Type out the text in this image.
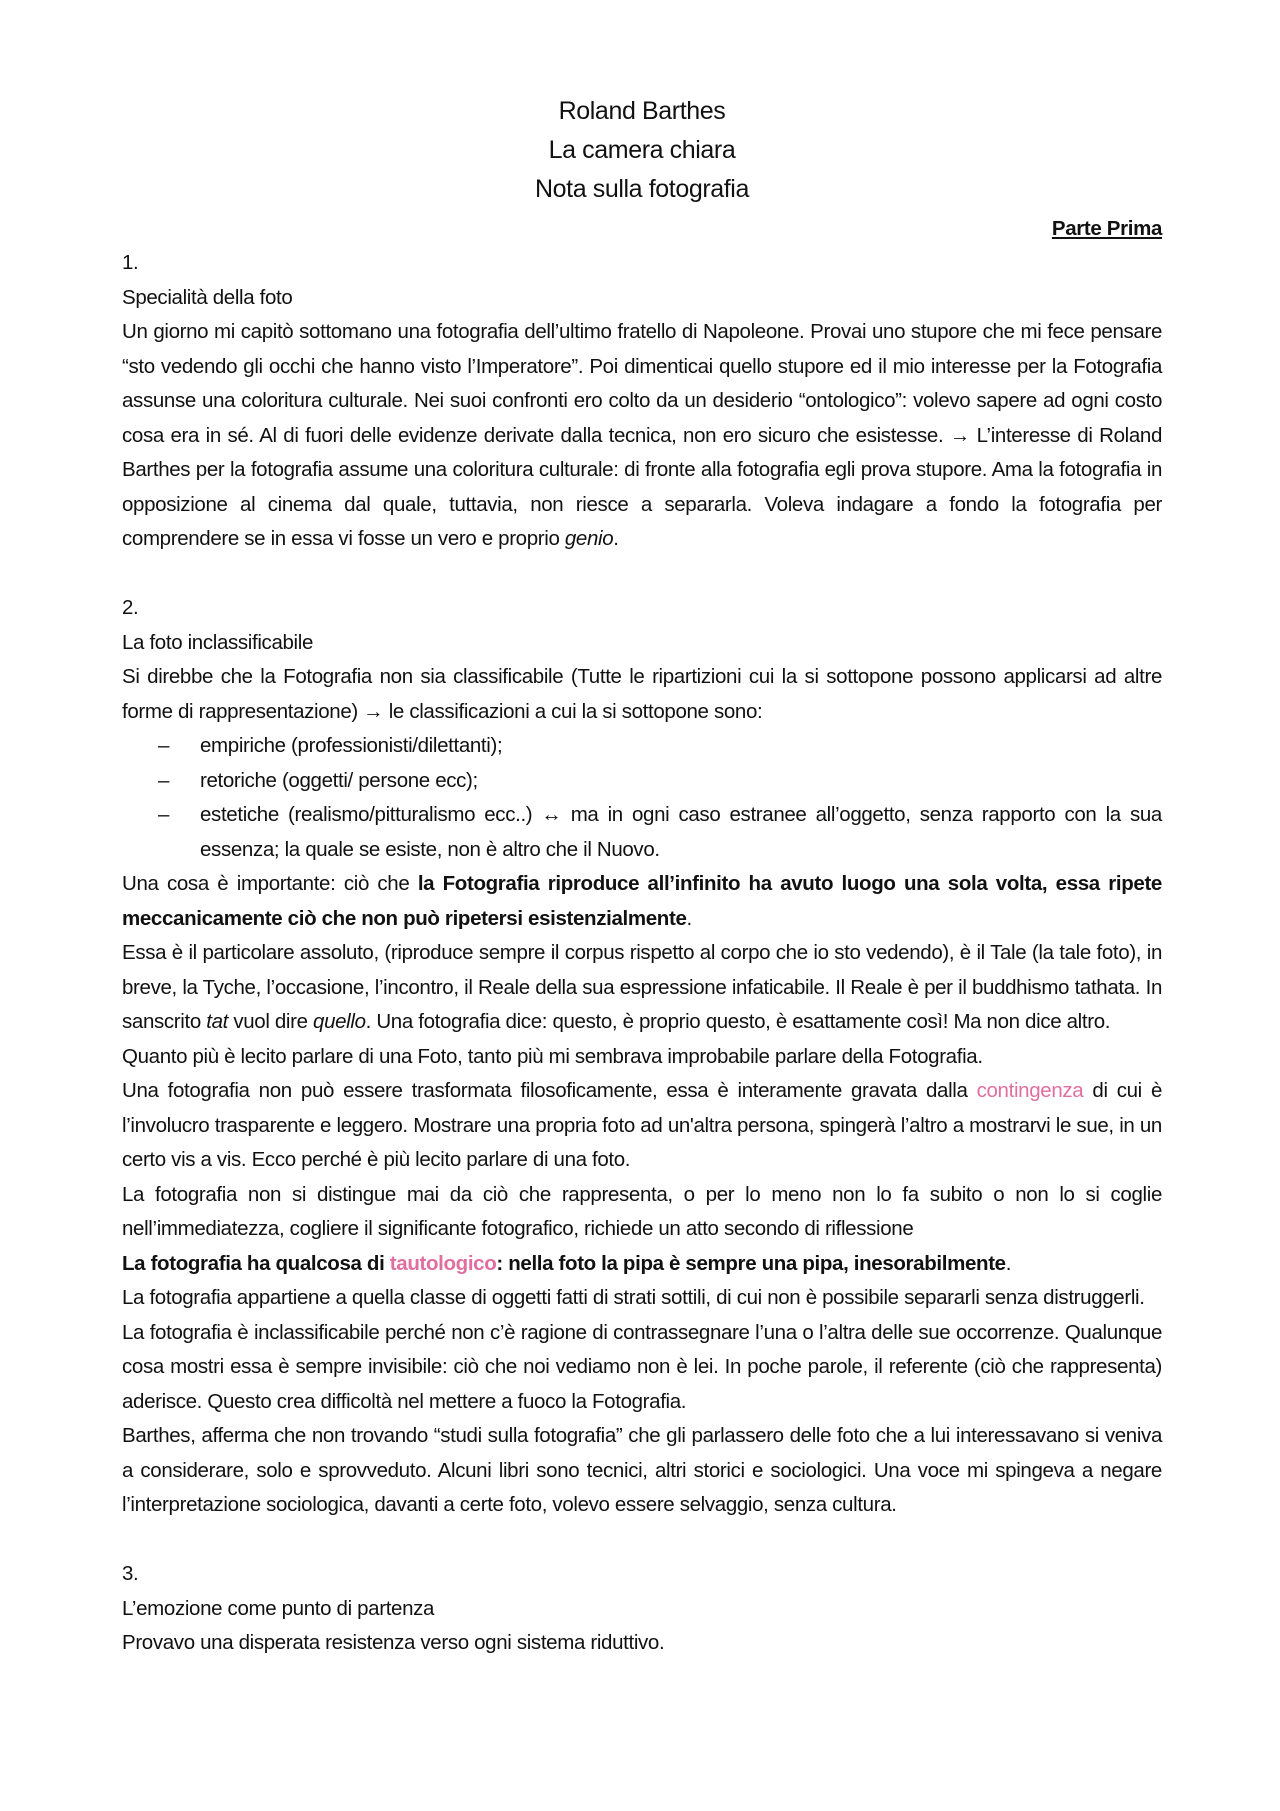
Roland Barthes
La camera chiara
Nota sulla fotografia
Parte Prima

1.

Specialità della foto

Un giorno mi capitò sottomano una fotografia dell’ultimo fratello di Napoleone. Provai uno stupore che mi fece pensare “sto vedendo gli occhi che hanno visto l’Imperatore”. Poi dimenticai quello stupore ed il mio interesse per la Fotografia assunse una coloritura culturale. Nei suoi confronti ero colto da un desiderio “ontologico”: volevo sapere ad ogni costo cosa era in sé. Al di fuori delle evidenze derivate dalla tecnica, non ero sicuro che esistesse. → L’interesse di Roland Barthes per la fotografia assume una coloritura culturale: di fronte alla fotografia egli prova stupore. Ama la fotografia in opposizione al cinema dal quale, tuttavia, non riesce a separarla. Voleva indagare a fondo la fotografia per comprendere se in essa vi fosse un vero e proprio genio.

2.

La foto inclassificabile

Si direbbe che la Fotografia non sia classificabile (Tutte le ripartizioni cui la si sottopone possono applicarsi ad altre forme di rappresentazione) → le classificazioni a cui la si sottopone sono:

– empiriche (professionisti/dilettanti);
– retoriche (oggetti/ persone ecc);
– estetiche (realismo/pitturalismo ecc..) ↔ ma in ogni caso estranee all’oggetto, senza rapporto con la sua essenza; la quale se esiste, non è altro che il Nuovo.

Una cosa è importante: ciò che la Fotografia riproduce all’infinito ha avuto luogo una sola volta, essa ripete meccanicamente ciò che non può ripetersi esistenzialmente.

Essa è il particolare assoluto, (riproduce sempre il corpus rispetto al corpo che io sto vedendo), è il Tale (la tale foto), in breve, la Tyche, l’occasione, l’incontro, il Reale della sua espressione infaticabile. Il Reale è per il buddhismo tathata. In sanscrito tat vuol dire quello. Una fotografia dice: questo, è proprio questo, è esattamente così! Ma non dice altro.

Quanto più è lecito parlare di una Foto, tanto più mi sembrava improbabile parlare della Fotografia.

Una fotografia non può essere trasformata filosoficamente, essa è interamente gravata dalla contingenza di cui è l’involucro trasparente e leggero. Mostrare una propria foto ad un'altra persona, spingerà l’altro a mostrarvi le sue, in un certo vis a vis. Ecco perché è più lecito parlare di una foto.

La fotografia non si distingue mai da ciò che rappresenta, o per lo meno non lo fa subito o non lo si coglie nell’immediatezza, cogliere il significante fotografico, richiede un atto secondo di riflessione

La fotografia ha qualcosa di tautologico: nella foto la pipa è sempre una pipa, inesorabilmente.

La fotografia appartiene a quella classe di oggetti fatti di strati sottili, di cui non è possibile separarli senza distruggerli.

La fotografia è inclassificabile perché non c’è ragione di contrassegnare l’una o l’altra delle sue occorrenze. Qualunque cosa mostri essa è sempre invisibile: ciò che noi vediamo non è lei. In poche parole, il referente (ciò che rappresenta) aderisce. Questo crea difficoltà nel mettere a fuoco la Fotografia.

Barthes, afferma che non trovando “studi sulla fotografia” che gli parlassero delle foto che a lui interessavano si veniva a considerare, solo e sprovveduto. Alcuni libri sono tecnici, altri storici e sociologici. Una voce mi spingeva a negare l’interpretazione sociologica, davanti a certe foto, volevo essere selvaggio, senza cultura.

3.

L’emozione come punto di partenza

Provavo una disperata resistenza verso ogni sistema riduttivo.
